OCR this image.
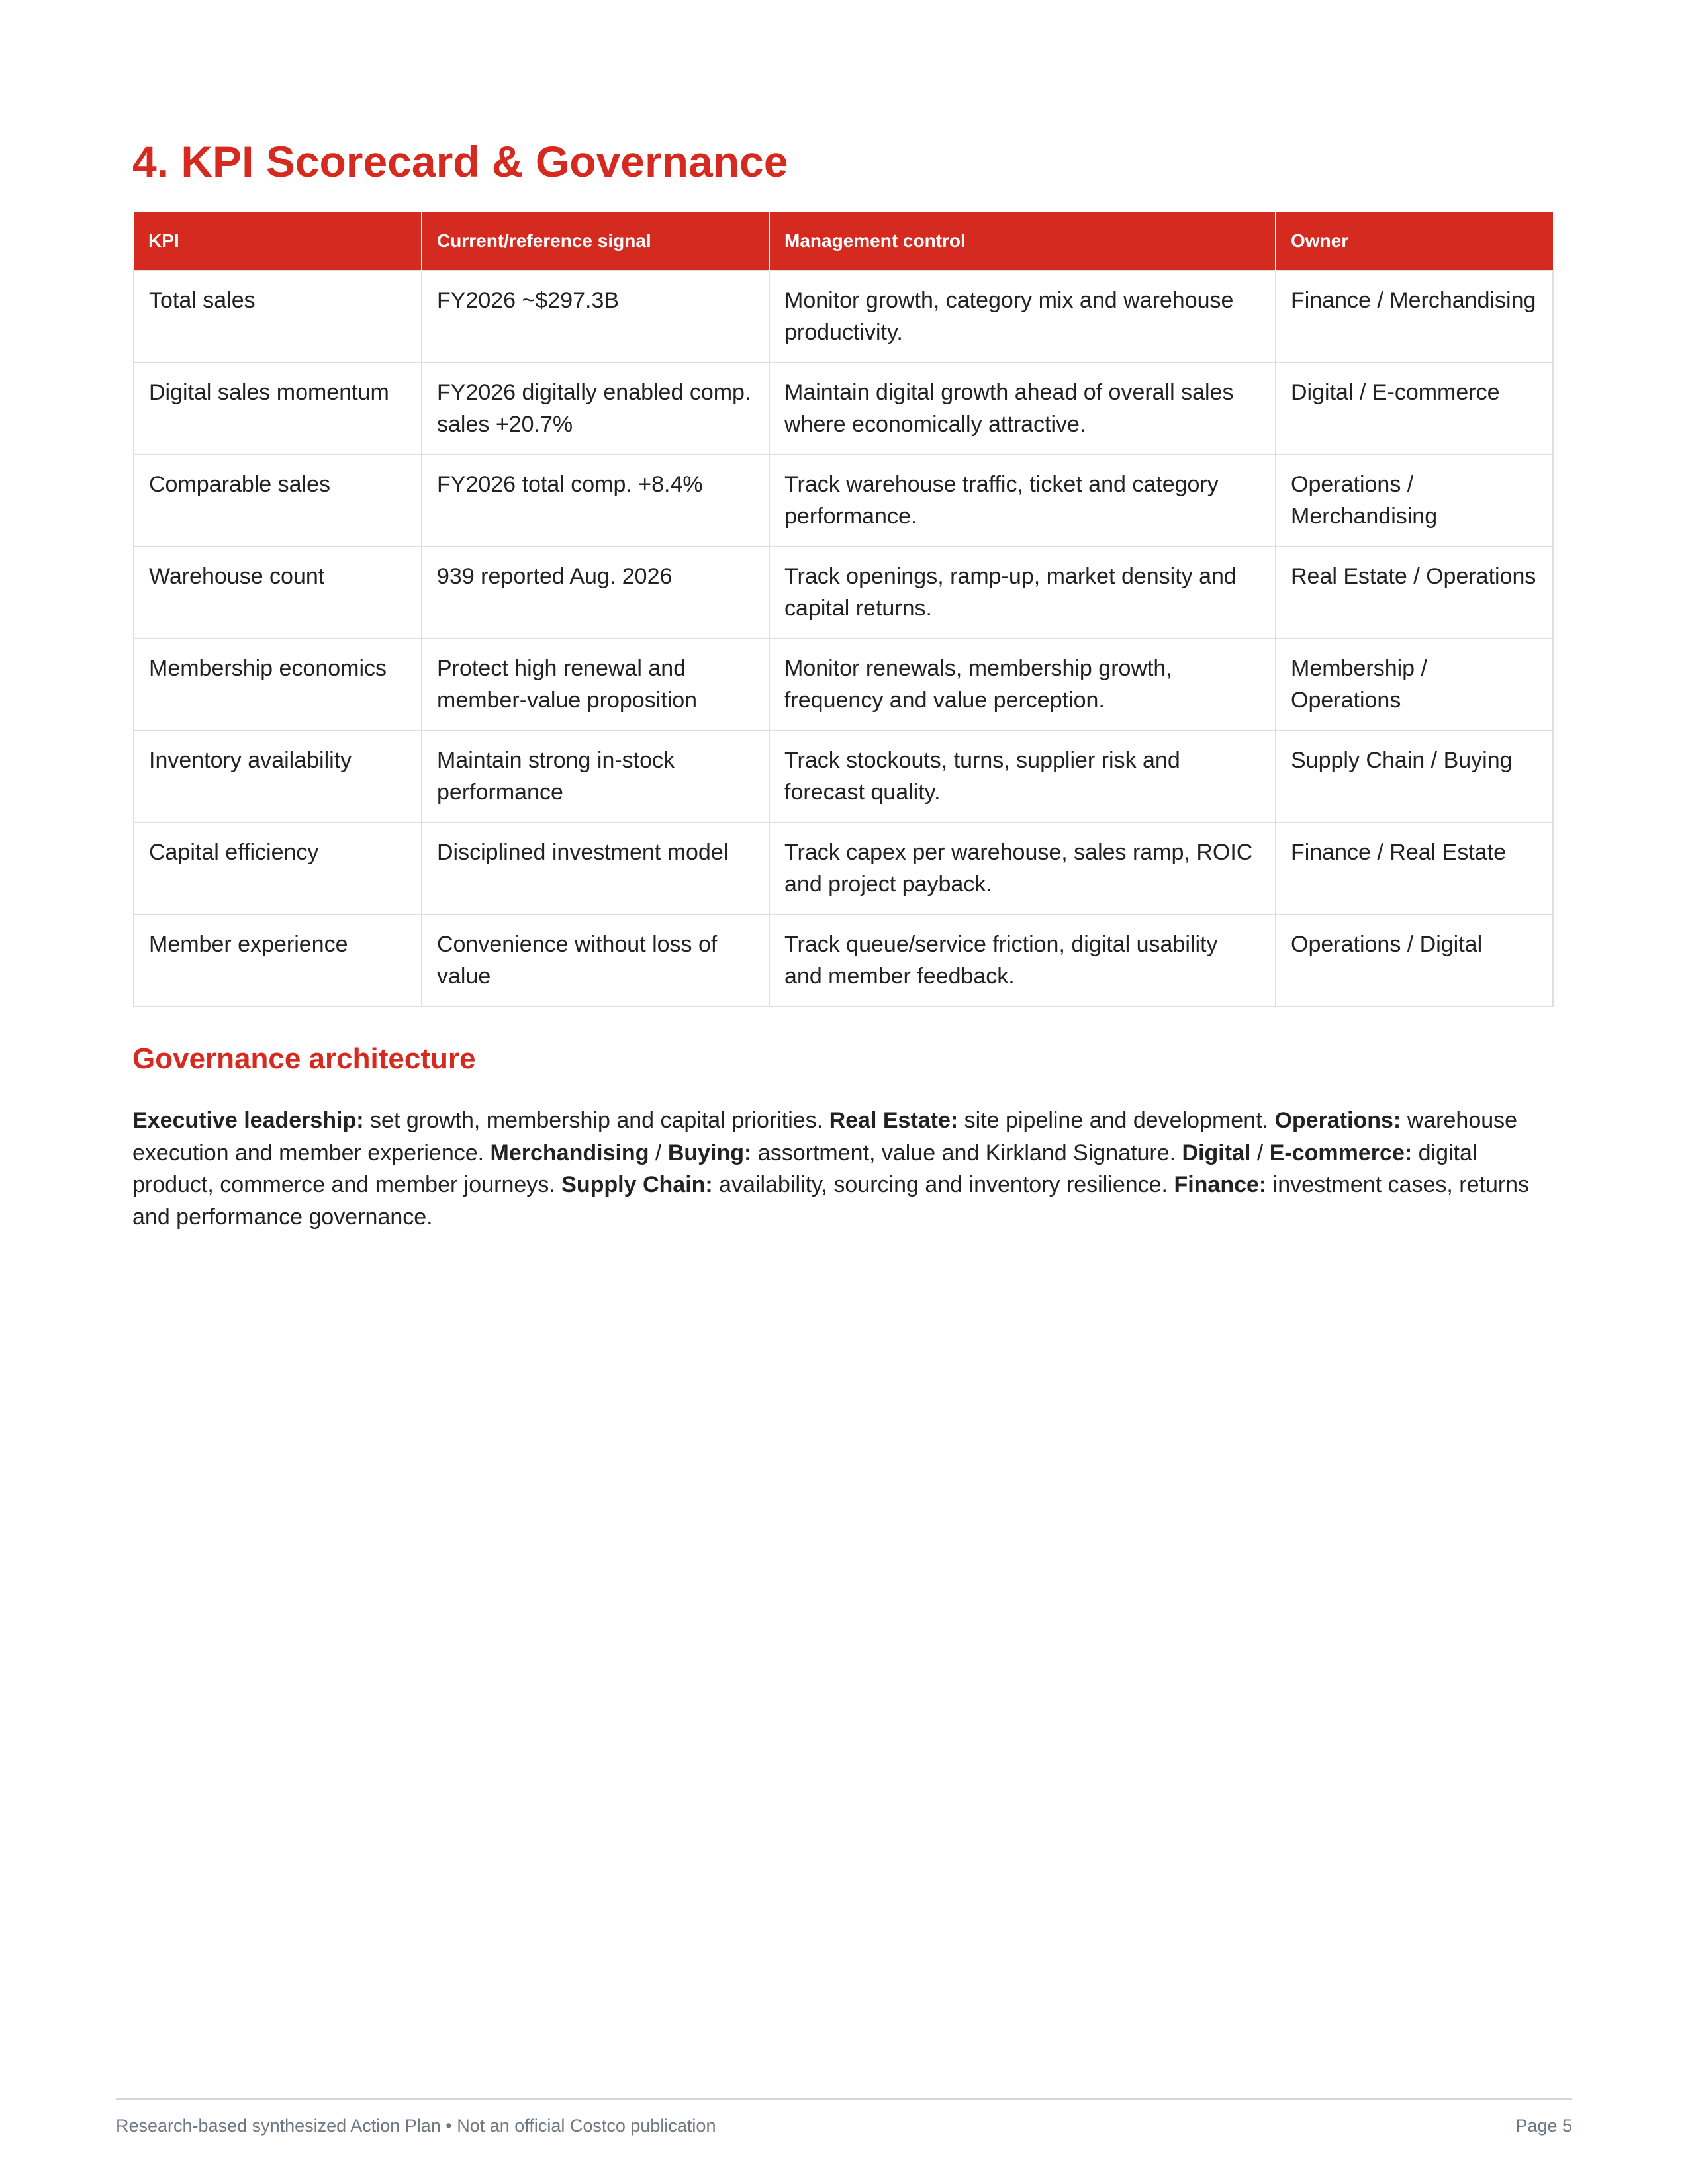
4. KPI Scorecard & Governance
KPI	Current/reference signal	Management control	Owner
Total sales	FY2026 ~$297.3B	Monitor growth, category mix and warehouse productivity.	Finance / Merchandising
Digital sales momentum	FY2026 digitally enabled comp. sales +20.7%	Maintain digital growth ahead of overall sales where economically attractive.	Digital / E-commerce
Comparable sales	FY2026 total comp. +8.4%	Track warehouse traffic, ticket and category performance.	Operations / Merchandising
Warehouse count	939 reported Aug. 2026	Track openings, ramp-up, market density and capital returns.	Real Estate / Operations
Membership economics	Protect high renewal and member-value proposition	Monitor renewals, membership growth, frequency and value perception.	Membership / Operations
Inventory availability	Maintain strong in-stock performance	Track stockouts, turns, supplier risk and forecast quality.	Supply Chain / Buying
Capital efficiency	Disciplined investment model	Track capex per warehouse, sales ramp, ROIC and project payback.	Finance / Real Estate
Member experience	Convenience without loss of value	Track queue/service friction, digital usability and member feedback.	Operations / Digital
Governance architecture

Executive leadership: set growth, membership and capital priorities. Real Estate: site pipeline and development. Operations: warehouse execution and member experience. Merchandising / Buying: assortment, value and Kirkland Signature. Digital / E-commerce: digital product, commerce and member journeys. Supply Chain: availability, sourcing and inventory resilience. Finance: investment cases, returns and performance governance.

Research-based synthesized Action Plan • Not an official Costco publication	Page 5
